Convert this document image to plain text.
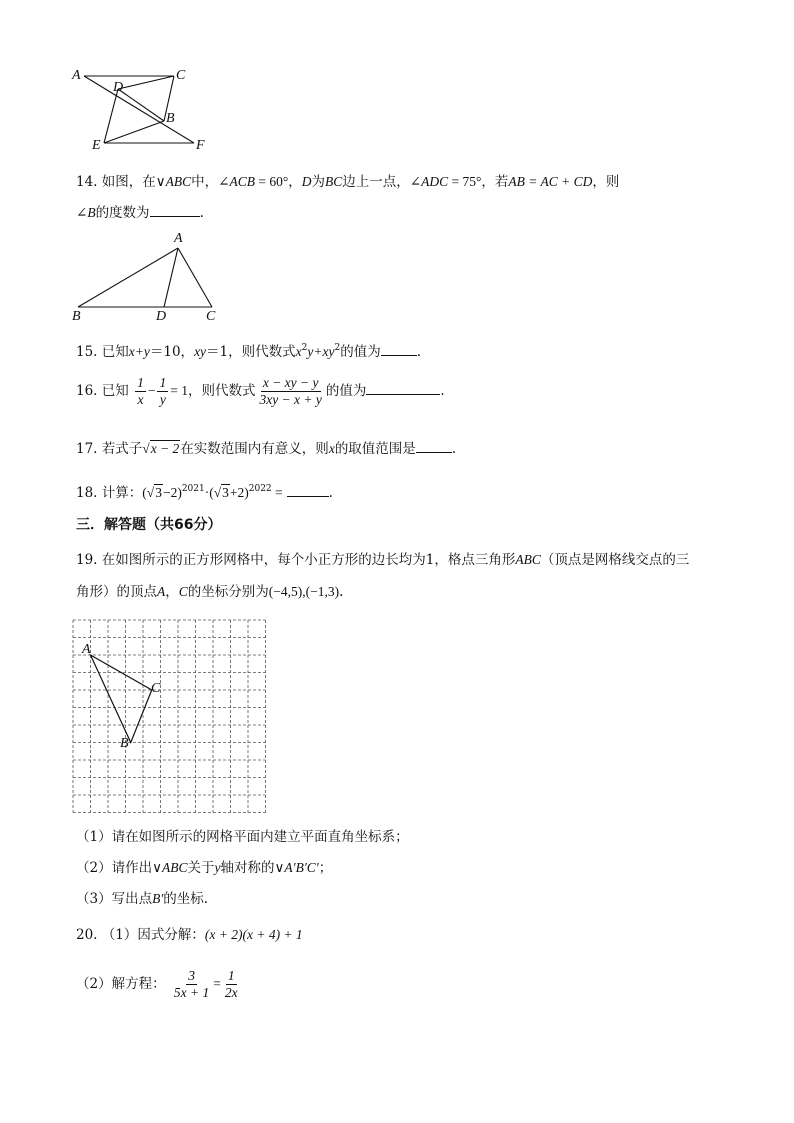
A	C
D
B
E	F
14. 如图，在∨ABC中，∠ACB = 60°，D为BC边上一点，∠ADC = 75°，若AB = AC + CD，则
∠B的度数为	.
A
B	D	C
15. 已知x+y＝10，xy＝1，则代数式$x^2y+xy^2$的值为	.
16. 已知 $\frac{1}{x} - \frac{1}{y} = 1$，则代数式 $\frac{x - xy - y}{3xy - x + y}$ 的值为	.
17. 若式子√x − 2在实数范围内有意义，则x的取值范围是	.
18. 计算：$(√3-2)^{2021}\cdot(√3+2)^{2022}$ =	.
三．解答题（共66分）
19. 在如图所示的正方形网格中，每个小正方形的边长均为1，格点三角形ABC（顶点是网格线交点的三
角形）的顶点A，C的坐标分别为(−4,5),(−1,3).
A
C
B
（1）请在如图所示的网格平面内建立平面直角坐标系；
（2）请作出∨ABC关于y轴对称的∨A′B′C′；
（3）写出点B′的坐标.
20. （1）因式分解：(x + 2)(x + 4) + 1
（2）解方程： $\frac{3}{5x + 1} = \frac{1}{2x}$
